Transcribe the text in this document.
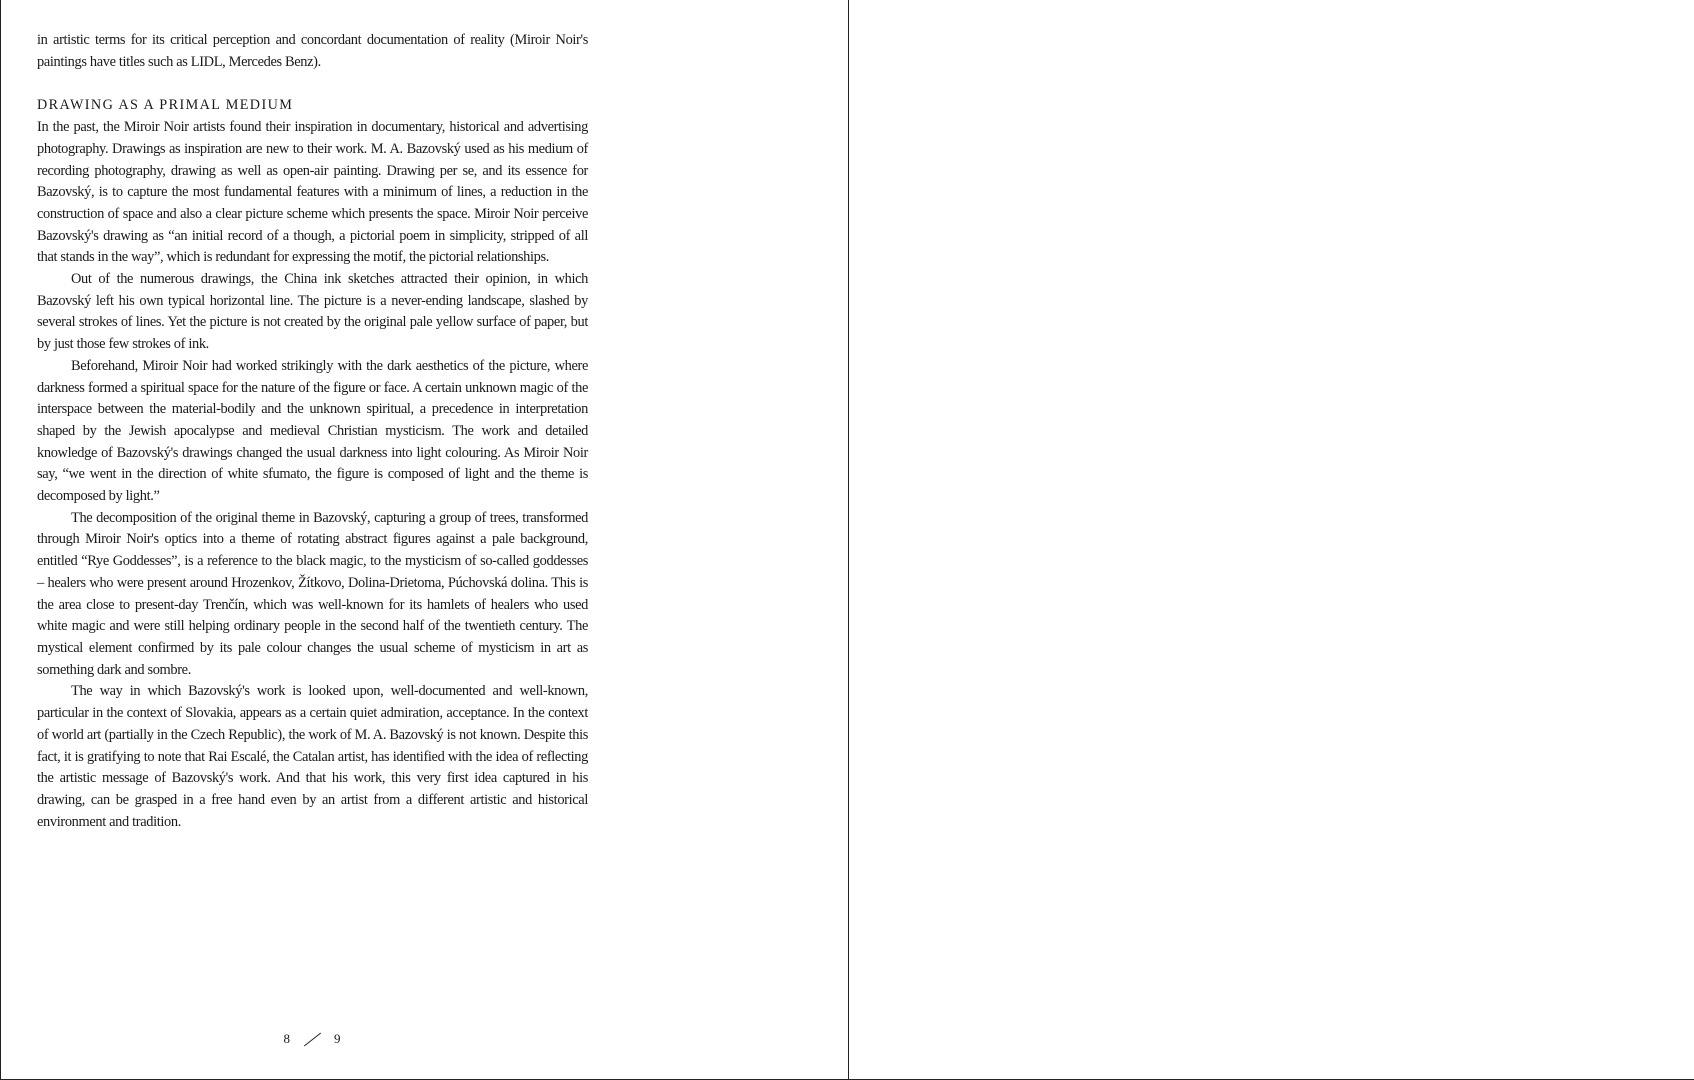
in artistic terms for its critical perception and concordant documentation of reality (Miroir Noir's paintings have titles such as LIDL, Mercedes Benz).

DRAWING AS A PRIMAL MEDIUM

In the past, the Miroir Noir artists found their inspiration in documentary, historical and advertising photography. Drawings as inspiration are new to their work. M. A. Bazovský used as his medium of recording photography, drawing as well as open-air painting. Drawing per se, and its essence for Bazovský, is to capture the most fundamental features with a minimum of lines, a reduction in the construction of space and also a clear picture scheme which presents the space. Miroir Noir perceive Bazovský's drawing as “an initial record of a though, a pictorial poem in simplicity, stripped of all that stands in the way”, which is redundant for expressing the motif, the pictorial relationships.

Out of the numerous drawings, the China ink sketches attracted their opinion, in which Bazovský left his own typical horizontal line. The picture is a never-ending landscape, slashed by several strokes of lines. Yet the picture is not created by the original pale yellow surface of paper, but by just those few strokes of ink.

Beforehand, Miroir Noir had worked strikingly with the dark aesthetics of the picture, where darkness formed a spiritual space for the nature of the figure or face. A certain unknown magic of the interspace between the material-bodily and the unknown spiritual, a precedence in interpretation shaped by the Jewish apocalypse and medieval Christian mysticism. The work and detailed knowledge of Bazovský's drawings changed the usual darkness into light colouring. As Miroir Noir say, “we went in the direction of white sfumato, the figure is composed of light and the theme is decomposed by light.”

The decomposition of the original theme in Bazovský, capturing a group of trees, transformed through Miroir Noir's optics into a theme of rotating abstract figures against a pale background, entitled “Rye Goddesses”, is a reference to the black magic, to the mysticism of so-called goddesses – healers who were present around Hrozenkov, Žítkovo, Dolina-Drietoma, Púchovská dolina. This is the area close to present-day Trenčín, which was well-known for its hamlets of healers who used white magic and were still helping ordinary people in the second half of the twentieth century. The mystical element confirmed by its pale colour changes the usual scheme of mysticism in art as something dark and sombre.

The way in which Bazovský's work is looked upon, well-documented and well-known, particular in the context of Slovakia, appears as a certain quiet admiration, acceptance. In the context of world art (partially in the Czech Republic), the work of M. A. Bazovský is not known. Despite this fact, it is gratifying to note that Rai Escalé, the Catalan artist, has identified with the idea of reflecting the artistic message of Bazovský's work. And that his work, this very first idea captured in his drawing, can be grasped in a free hand even by an artist from a different artistic and historical environment and tradition.

8	9
